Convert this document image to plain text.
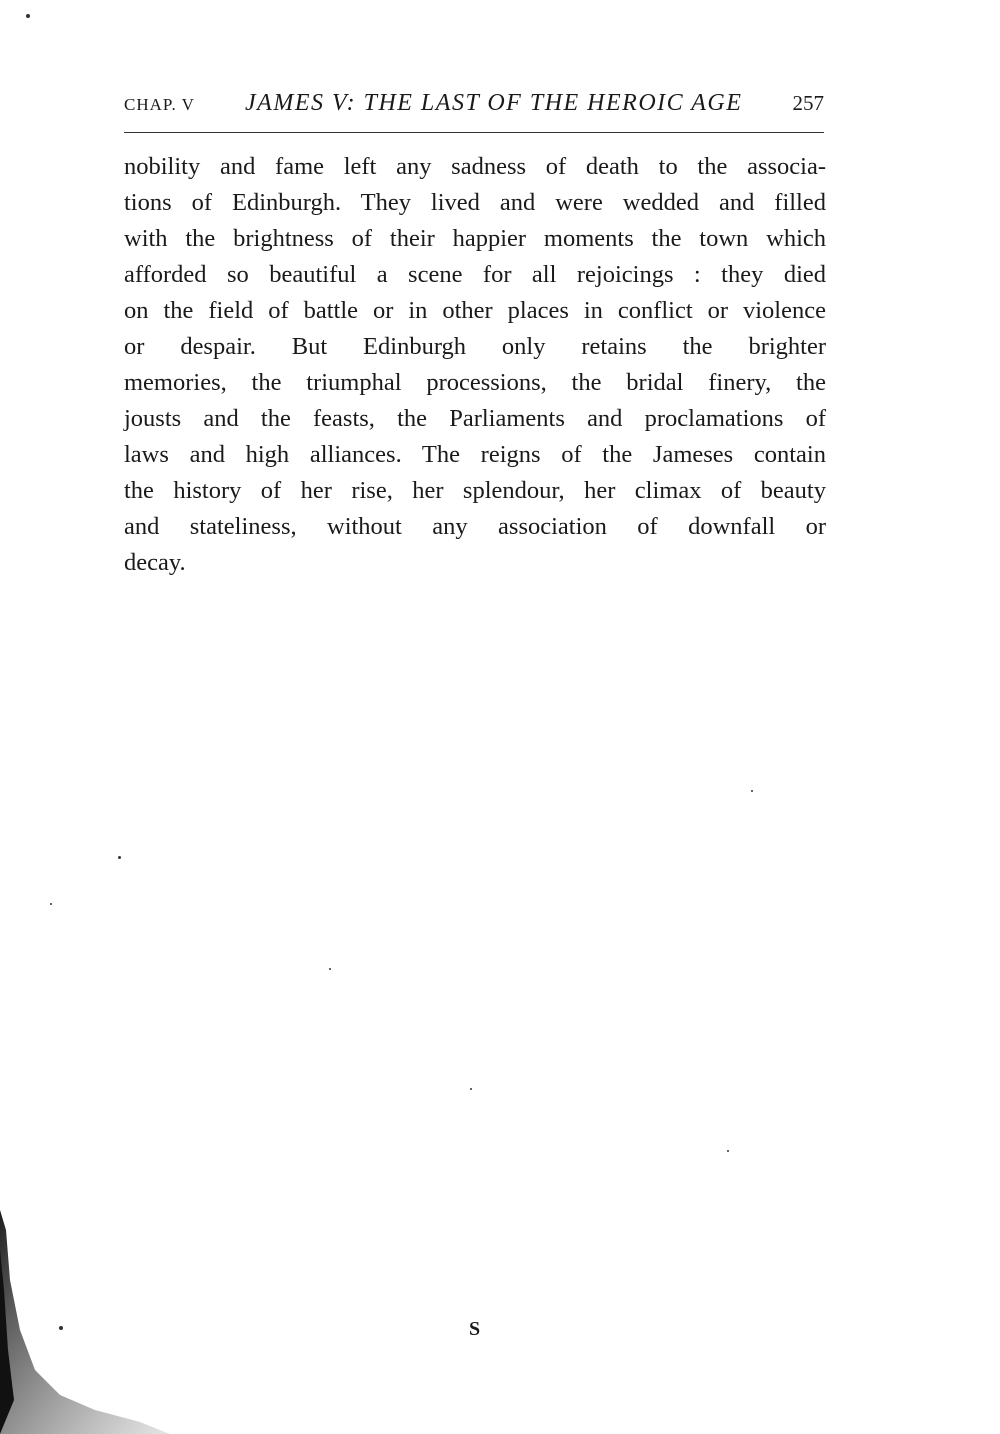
CHAP. V	JAMES V: THE LAST OF THE HEROIC AGE	257
nobility and fame left any sadness of death to the associa-
tions of Edinburgh. They lived and were wedded and filled
with the brightness of their happier moments the town which
afforded so beautiful a scene for all rejoicings : they died
on the field of battle or in other places in conflict or violence
or despair. But Edinburgh only retains the brighter
memories, the triumphal processions, the bridal finery, the
jousts and the feasts, the Parliaments and proclamations of
laws and high alliances. The reigns of the Jameses contain
the history of her rise, her splendour, her climax of beauty
and stateliness, without any association of downfall or
decay.
S
